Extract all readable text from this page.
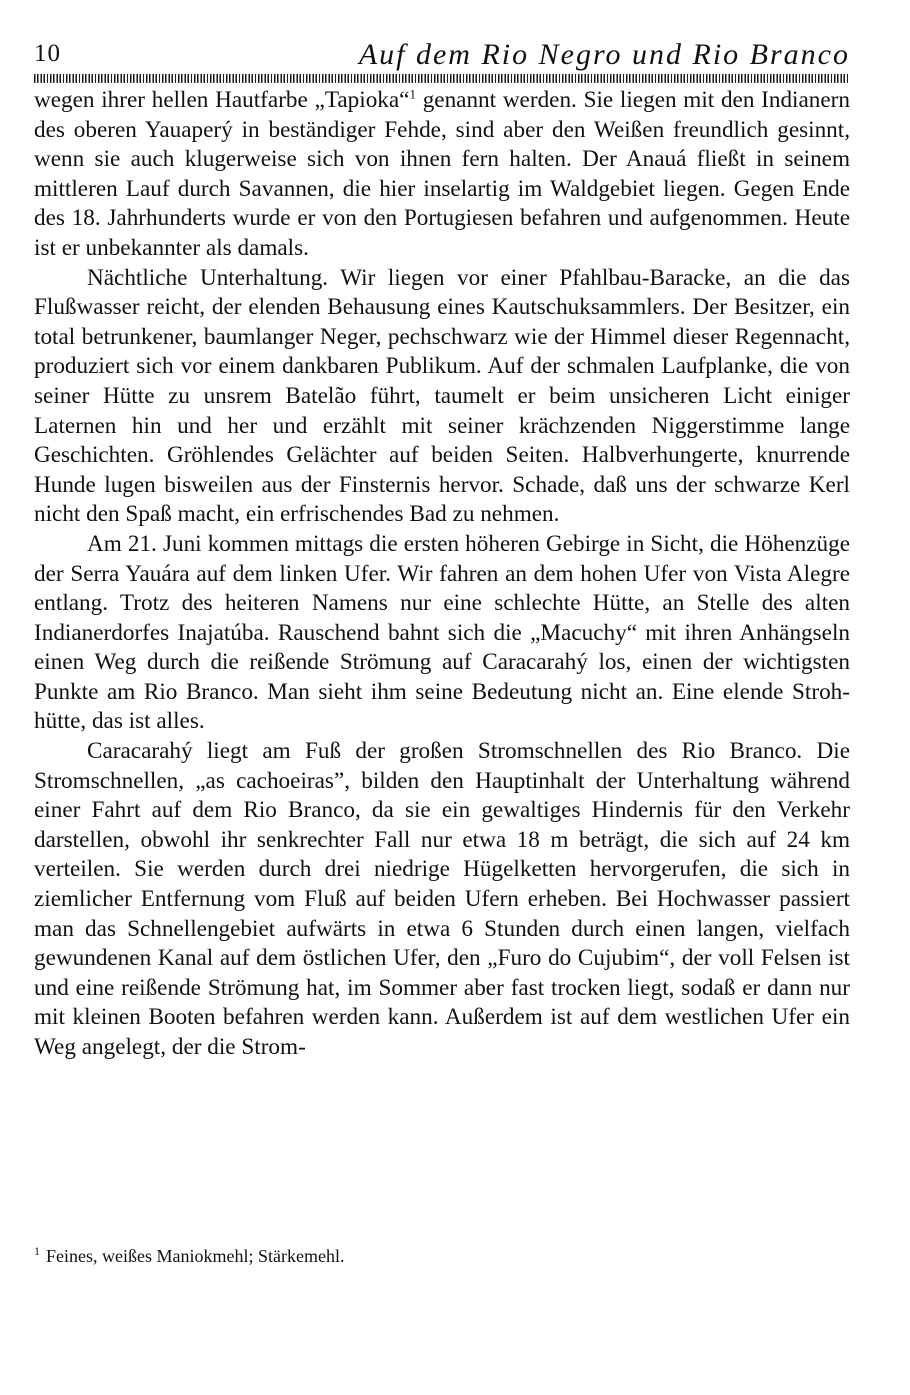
10	Auf dem Rio Negro und Rio Branco

wegen ihrer hellen Hautfarbe „Tapioka“$^1$ genannt werden. Sie liegen mit den Indianern des oberen Yauaperý in beständiger Fehde, sind aber den Weißen freundlich gesinnt, wenn sie auch klugerweise sich von ihnen fern halten. Der Anauá fließt in seinem mittleren Lauf durch Savannen, die hier inselartig im Waldgebiet liegen. Gegen Ende des 18. Jahrhunderts wurde er von den Portugiesen befahren und aufgenommen. Heute ist er unbekannter als damals.

Nächtliche Unterhaltung. Wir liegen vor einer Pfahlbau-Baracke, an die das Flußwasser reicht, der elenden Behausung eines Kautschuksammlers. Der Besitzer, ein total betrunkener, baumlanger Neger, pechschwarz wie der Himmel dieser Regennacht, produziert sich vor einem dankbaren Publikum. Auf der schmalen Laufplanke, die von seiner Hütte zu unsrem Batelão führt, taumelt er beim unsicheren Licht einiger Laternen hin und her und erzählt mit seiner krächzenden Niggerstimme lange Geschichten. Gröhlendes Gelächter auf beiden Seiten. Halbverhungerte, knurrende Hunde lugen bisweilen aus der Finsternis hervor. Schade, daß uns der schwarze Kerl nicht den Spaß macht, ein erfrischendes Bad zu nehmen.

Am 21. Juni kommen mittags die ersten höheren Gebirge in Sicht, die Höhenzüge der Serra Yauára auf dem linken Ufer. Wir fahren an dem hohen Ufer von Vista Alegre entlang. Trotz des heiteren Namens nur eine schlechte Hütte, an Stelle des alten Indianerdorfes Inajatúba. Rauschend bahnt sich die „Macuchy“ mit ihren Anhängseln einen Weg durch die reißende Strömung auf Caracarahý los, einen der wichtigsten Punkte am Rio Branco. Man sieht ihm seine Bedeutung nicht an. Eine elende Strohhütte, das ist alles.

Caracarahý liegt am Fuß der großen Stromschnellen des Rio Branco. Die Stromschnellen, „as cachoeiras”, bilden den Hauptinhalt der Unterhaltung während einer Fahrt auf dem Rio Branco, da sie ein gewaltiges Hindernis für den Verkehr darstellen, obwohl ihr senkrechter Fall nur etwa 18 m beträgt, die sich auf 24 km verteilen. Sie werden durch drei niedrige Hügelketten hervorgerufen, die sich in ziemlicher Entfernung vom Fluß auf beiden Ufern erheben. Bei Hochwasser passiert man das Schnellengebiet aufwärts in etwa 6 Stunden durch einen langen, vielfach gewundenen Kanal auf dem östlichen Ufer, den „Furo do Cujubim“, der voll Felsen ist und eine reißende Strömung hat, im Sommer aber fast trocken liegt, sodaß er dann nur mit kleinen Booten befahren werden kann. Außerdem ist auf dem westlichen Ufer ein Weg angelegt, der die Strom-

$^1$ Feines, weißes Maniokmehl; Stärkemehl.
